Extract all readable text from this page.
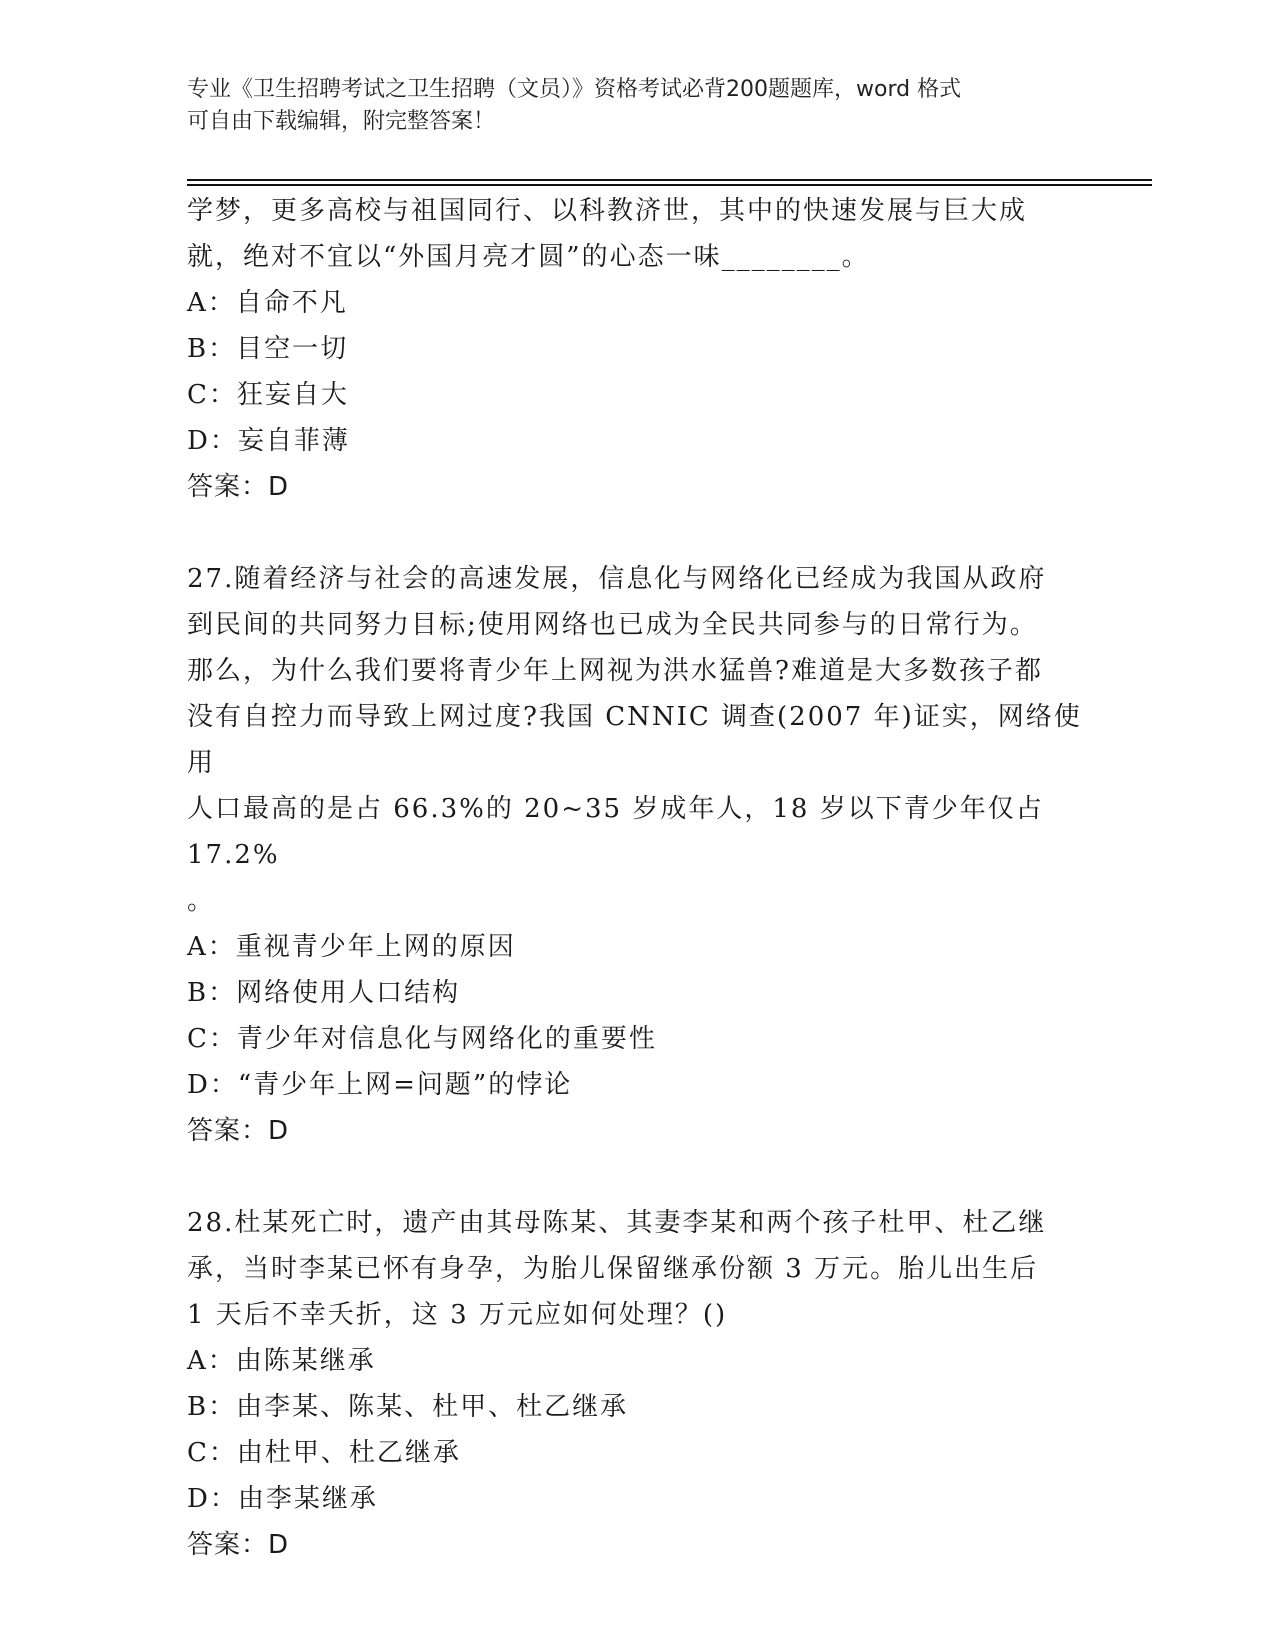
专业《卫生招聘考试之卫生招聘（文员）》资格考试必背200题题库，word 格式
可自由下载编辑，附完整答案！

学梦，更多高校与祖国同行、以科教济世，其中的快速发展与巨大成

就，绝对不宜以“外国月亮才圆”的心态一味________。

A：自命不凡

B：目空一切

C：狂妄自大

D：妄自菲薄

答案：D

27.随着经济与社会的高速发展，信息化与网络化已经成为我国从政府

到民间的共同努力目标;使用网络也已成为全民共同参与的日常行为。

那么，为什么我们要将青少年上网视为洪水猛兽?难道是大多数孩子都

没有自控力而导致上网过度?我国 CNNIC 调查(2007 年)证实，网络使用

人口最高的是占 66.3%的 20~35 岁成年人，18 岁以下青少年仅占 17.2%

。

A：重视青少年上网的原因

B：网络使用人口结构

C：青少年对信息化与网络化的重要性

D：“青少年上网=问题”的悖论

答案：D

28.杜某死亡时，遗产由其母陈某、其妻李某和两个孩子杜甲、杜乙继

承，当时李某已怀有身孕，为胎儿保留继承份额 3 万元。胎儿出生后

1 天后不幸夭折，这 3 万元应如何处理？()

A：由陈某继承

B：由李某、陈某、杜甲、杜乙继承

C：由杜甲、杜乙继承

D：由李某继承

答案：D
